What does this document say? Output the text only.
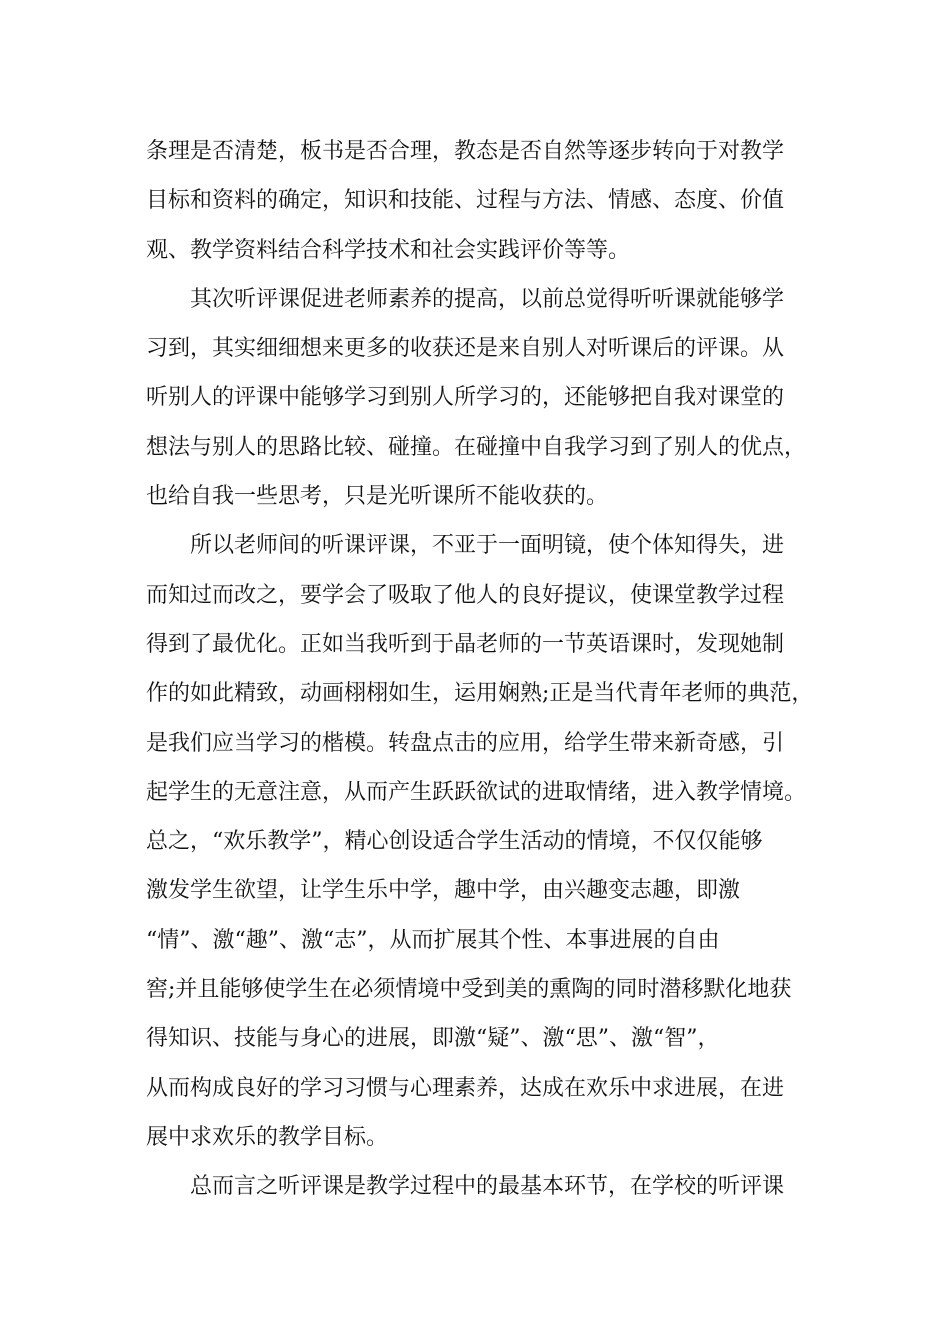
条理是否清楚，板书是否合理，教态是否自然等逐步转向于对教学
目标和资料的确定，知识和技能、过程与方法、情感、态度、价值
观、教学资料结合科学技术和社会实践评价等等。
其次听评课促进老师素养的提高，以前总觉得听听课就能够学
习到，其实细细想来更多的收获还是来自别人对听课后的评课。从
听别人的评课中能够学习到别人所学习的，还能够把自我对课堂的
想法与别人的思路比较、碰撞。在碰撞中自我学习到了别人的优点，
也给自我一些思考，只是光听课所不能收获的。
所以老师间的听课评课，不亚于一面明镜，使个体知得失，进
而知过而改之，要学会了吸取了他人的良好提议，使课堂教学过程
得到了最优化。正如当我听到于晶老师的一节英语课时，发现她制
作的如此精致，动画栩栩如生，运用娴熟;正是当代青年老师的典范，
是我们应当学习的楷模。转盘点击的应用，给学生带来新奇感，引
起学生的无意注意，从而产生跃跃欲试的进取情绪，进入教学情境。
总之，“欢乐教学”，精心创设适合学生活动的情境，不仅仅能够
激发学生欲望，让学生乐中学，趣中学，由兴趣变志趣，即激
“情”、激“趣”、激“志”，从而扩展其个性、本事进展的自由
窖;并且能够使学生在必须情境中受到美的熏陶的同时潜移默化地获
得知识、技能与身心的进展，即激“疑”、激“思”、激“智”，
从而构成良好的学习习惯与心理素养，达成在欢乐中求进展，在进
展中求欢乐的教学目标。
总而言之听评课是教学过程中的最基本环节，在学校的听评课
